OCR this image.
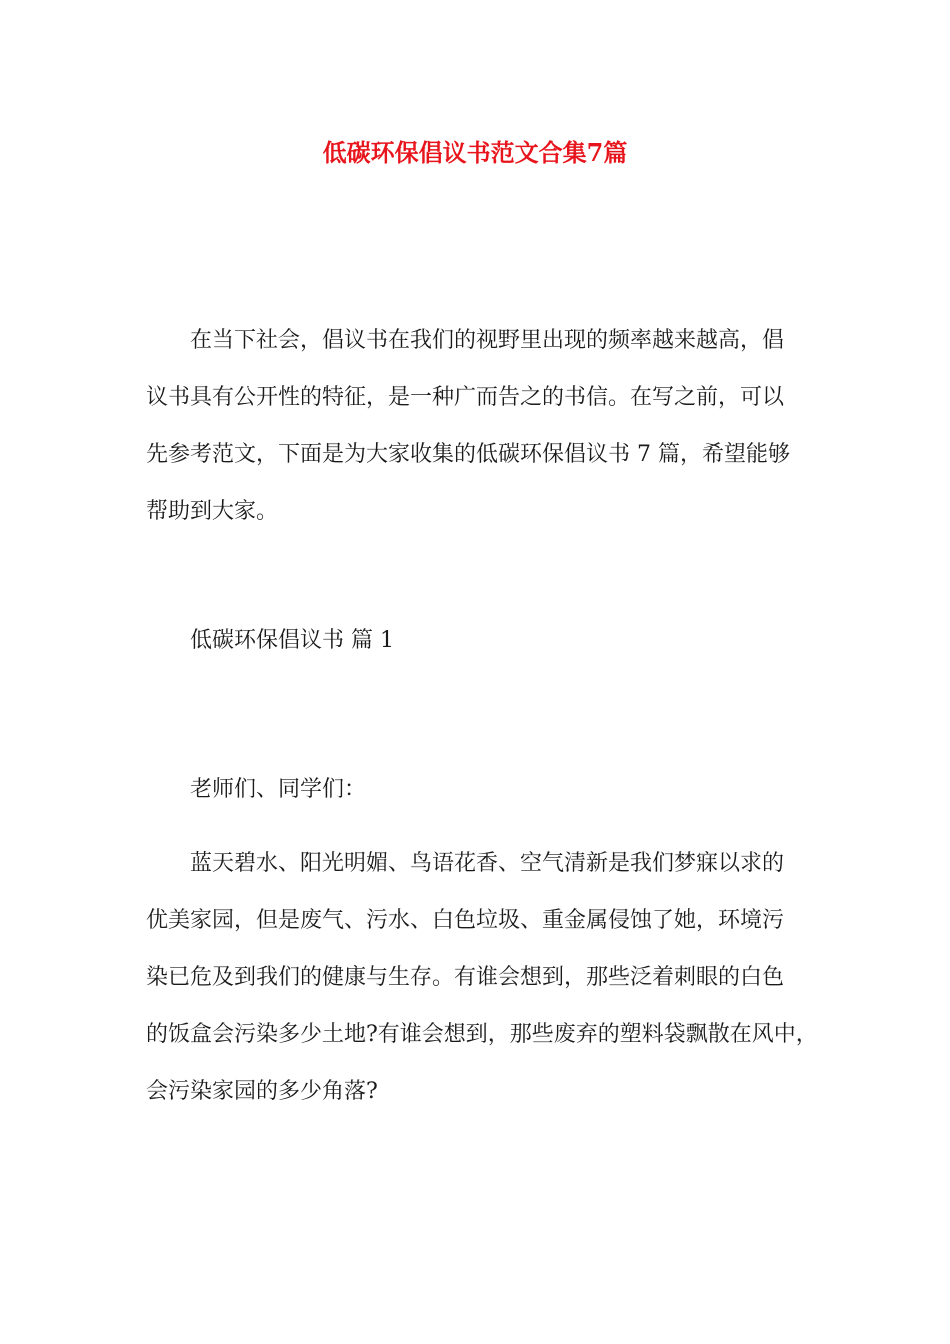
低碳环保倡议书范文合集7篇
在当下社会，倡议书在我们的视野里出现的频率越来越高，倡
议书具有公开性的特征，是一种广而告之的书信。在写之前，可以
先参考范文，下面是为大家收集的低碳环保倡议书 7 篇，希望能够
帮助到大家。
低碳环保倡议书 篇 1
老师们、同学们：
蓝天碧水、阳光明媚、鸟语花香、空气清新是我们梦寐以求的
优美家园，但是废气、污水、白色垃圾、重金属侵蚀了她，环境污
染已危及到我们的健康与生存。有谁会想到，那些泛着刺眼的白色
的饭盒会污染多少土地?有谁会想到，那些废弃的塑料袋飘散在风中，
会污染家园的多少角落?
